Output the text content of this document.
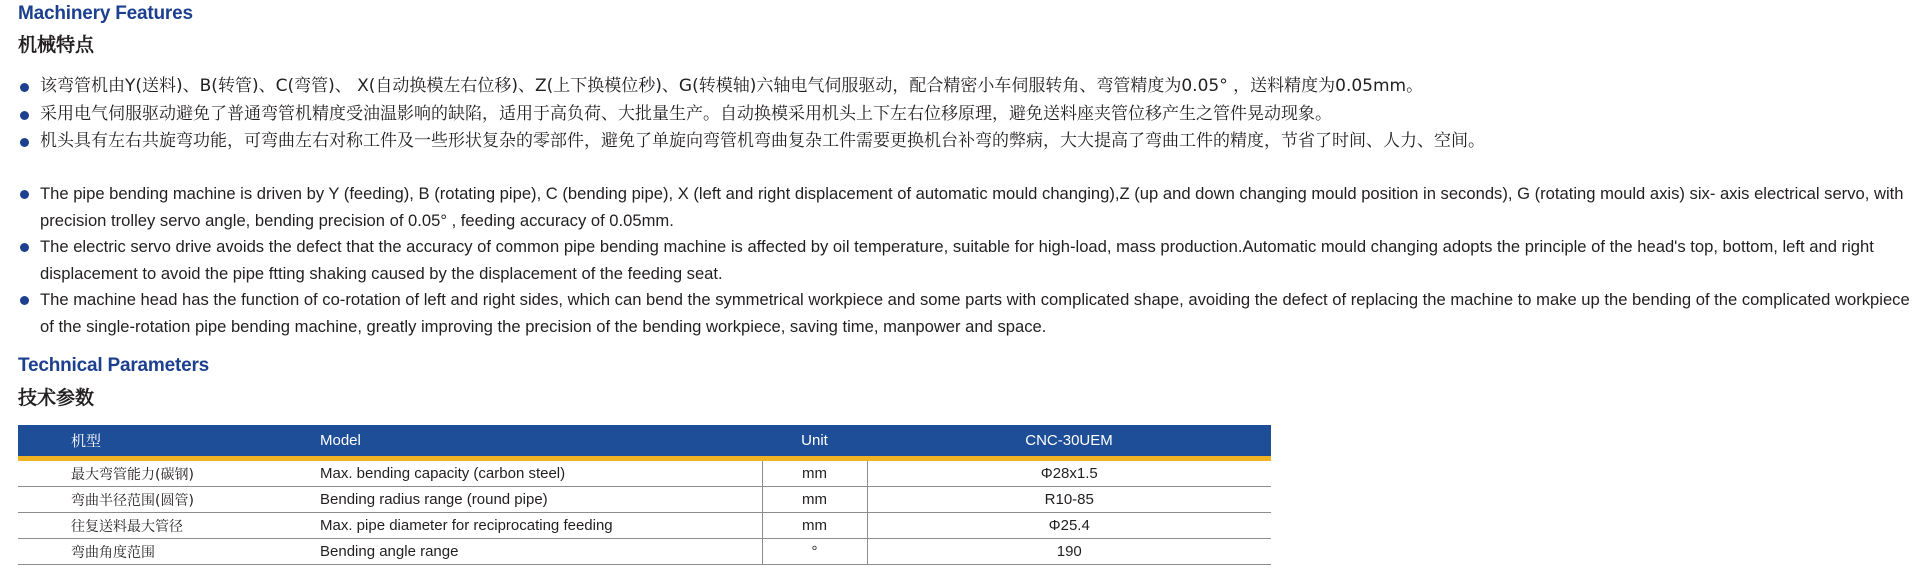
Machinery Features
机械特点
该弯管机由Y(送料)、B(转管)、C(弯管)、 X(自动换模左右位移)、Z(上下换模位秒)、G(转模轴)六轴电气伺服驱动，配合精密小车伺服转角、弯管精度为0.05° ，送料精度为0.05mm。
采用电气伺服驱动避免了普通弯管机精度受油温影响的缺陷，适用于高负荷、大批量生产。自动换模采用机头上下左右位移原理，避免送料座夹管位移产生之管件晃动现象。
机头具有左右共旋弯功能，可弯曲左右对称工件及一些形状复杂的零部件，避免了单旋向弯管机弯曲复杂工件需要更换机台补弯的弊病，大大提高了弯曲工件的精度，节省了时间、人力、空间。
The pipe bending machine is driven by Y (feeding), B (rotating pipe), C (bending pipe), X (left and right displacement of automatic mould changing),Z (up and down changing mould position in seconds), G (rotating mould axis) six- axis electrical servo, with precision trolley servo angle, bending precision of 0.05° , feeding accuracy of 0.05mm.
The electric servo drive avoids the defect that the accuracy of common pipe bending machine is affected by oil temperature, suitable for high-load, mass production.Automatic mould changing adopts the principle of the head's top, bottom, left and right displacement to avoid the pipe ftting shaking caused by the displacement of the feeding seat.
The machine head has the function of co-rotation of left and right sides, which can bend the symmetrical workpiece and some parts with complicated shape, avoiding the defect of replacing the machine to make up the bending of the complicated workpiece of the single-rotation pipe bending machine, greatly improving the precision of the bending workpiece, saving time, manpower and space.
Technical Parameters
技术参数
机型	Model	Unit	CNC-30UEM
最大弯管能力(碳钢)	Max. bending capacity (carbon steel)	mm	Φ28x1.5
弯曲半径范围(圆管)	Bending radius range (round pipe)	mm	R10-85
往复送料最大管径	Max. pipe diameter for reciprocating feeding	mm	Φ25.4
弯曲角度范围	Bending angle range	°	190
